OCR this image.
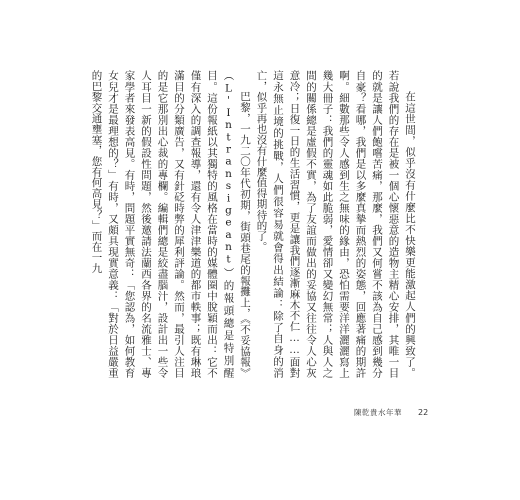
在這世間，似乎沒有什麼比不快樂更能激起人們的興致了。若說我們的存在是被一個心懷惡意的造物主精心安排，其唯一目的就是讓人們飽嚐苦痛，那麼，我們又何嘗不該為自己感到幾分自豪？看哪，我們是以多麼真摯而熱烈的姿態，回應著痛的期許啊。細數那些令人感到生之無味的緣由，恐怕需要洋洋灑灑寫上幾大冊子：我們的靈魂如此脆弱，愛情卻又變幻無常；人與人之間的關係總是虛假不實，為了友誼而做出的妥協又往往令人心灰意冷；日復一日的生活習慣，更是讓我們逐漸麻木不仁……面對這永無止境的挑戰，人們很容易就會得出結論：除了自身的消亡，似乎再也沒有什麼值得期待的了。

巴黎，一九二〇年代初期，街頭巷尾的報攤上，《不妥協報》（L'Intransigeant）的報頭總是特別醒目。這份報紙以其獨特的風格在當時的媒體圈中脫穎而出：它不僅有深入的調查報導，還有令人津津樂道的都市軼事；既有琳琅滿目的分類廣告，又有針砭時弊的犀利評論。然而，最引人注目的是它那別出心裁的專欄。編輯們總是絞盡腦汁，設計出一些令人耳目一新的假設性問題，然後邀請法蘭西各界的名流雅士、專家學者來發表高見。有時，問題平實無奇：「您認為，如何教育女兒才是最理想的？」有時，又頗具現實意義：「對於日益嚴重的巴黎交通壅塞，您有何高見？」而在一九

陳乾貴水年華 22
